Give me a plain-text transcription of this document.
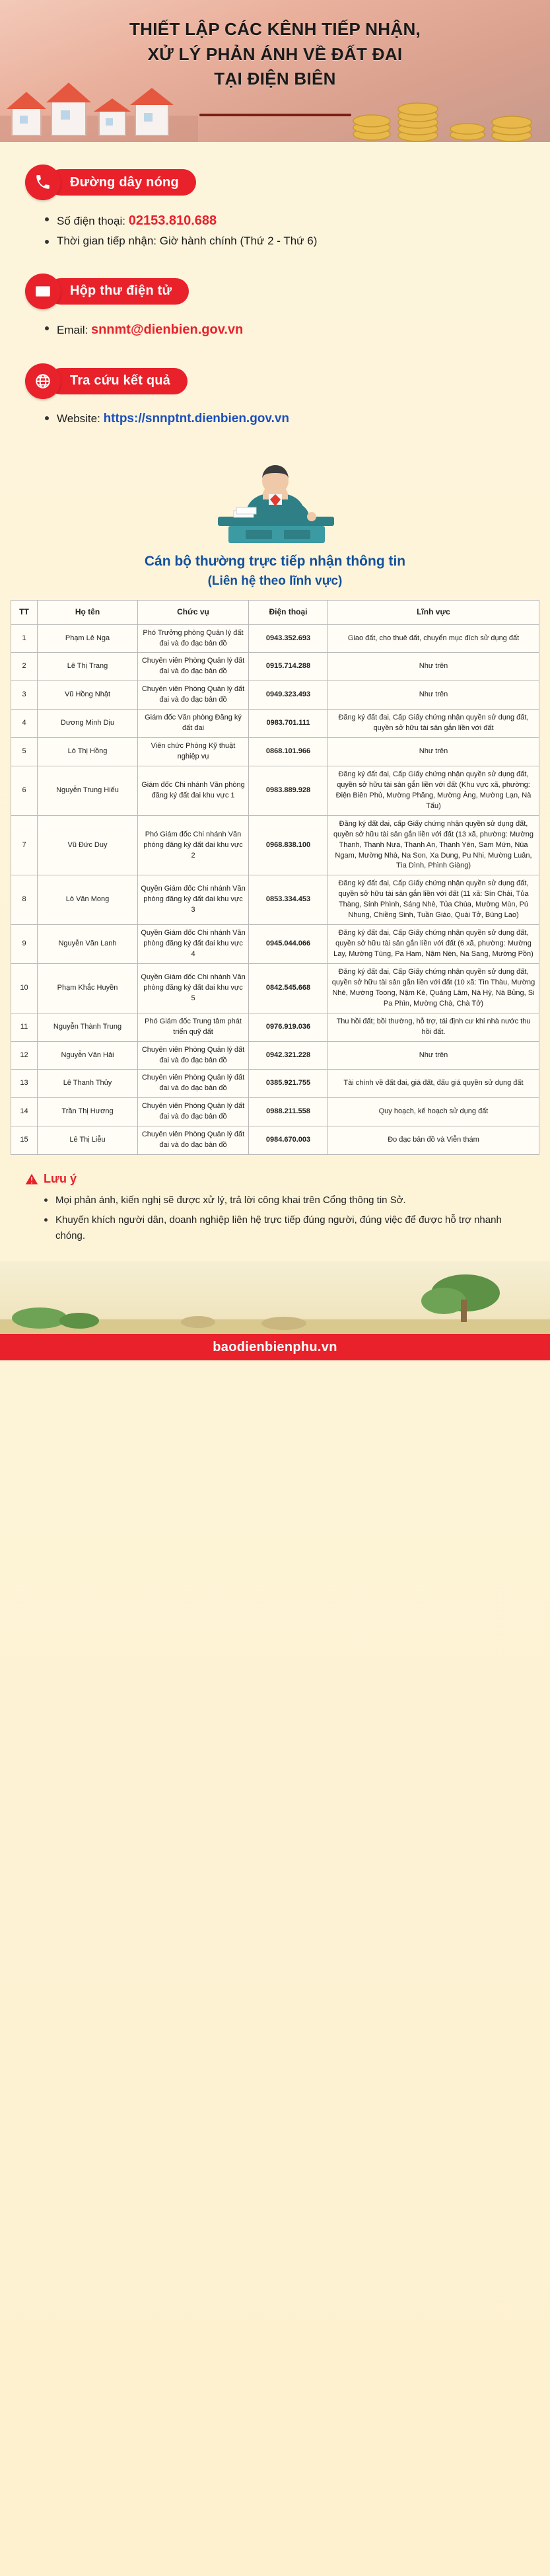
THIẾT LẬP CÁC KÊNH TIẾP NHẬN,
XỬ LÝ PHẢN ÁNH VỀ ĐẤT ĐAI
TẠI ĐIỆN BIÊN
Đường dây nóng
Số điện thoại: 02153.810.688
Thời gian tiếp nhận: Giờ hành chính (Thứ 2 - Thứ 6)
Hộp thư điện tử
Email: snnmt@dienbien.gov.vn
Tra cứu kết quả
Website: https://snnptnt.dienbien.gov.vn
Cán bộ thường trực tiếp nhận thông tin
(Liên hệ theo lĩnh vực)
TT	Họ tên	Chức vụ	Điện thoại	Lĩnh vực
1	Phạm Lê Nga	Phó Trưởng phòng Quản lý đất đai và đo đạc bản đồ	0943.352.693	Giao đất, cho thuê đất, chuyển mục đích sử dụng đất
2	Lê Thị Trang	Chuyên viên Phòng Quản lý đất đai và đo đạc bản đồ	0915.714.288	Như trên
3	Vũ Hồng Nhật	Chuyên viên Phòng Quản lý đất đai và đo đạc bản đồ	0949.323.493	Như trên
4	Dương Minh Dịu	Giám đốc Văn phòng Đăng ký đất đai	0983.701.111	Đăng ký đất đai, Cấp Giấy chứng nhận quyền sử dụng đất, quyền sở hữu tài sản gắn liền với đất
5	Lò Thị Hồng	Viên chức Phòng Kỹ thuật nghiệp vụ	0868.101.966	Như trên
6	Nguyễn Trung Hiếu	Giám đốc Chi nhánh Văn phòng đăng ký đất đai khu vực 1	0983.889.928	Đăng ký đất đai, Cấp Giấy chứng nhận quyền sử dụng đất, quyền sở hữu tài sản gắn liền với đất (Khu vực xã, phường: Điện Biên Phủ, Mường Phăng, Mường Ảng, Mường Lạn, Nà Tấu)
7	Vũ Đức Duy	Phó Giám đốc Chi nhánh Văn phòng đăng ký đất đai khu vực 2	0968.838.100	Đăng ký đất đai, cấp Giấy chứng nhận quyền sử dụng đất, quyền sở hữu tài sản gắn liền với đất (13 xã, phường: Mường Thanh, Thanh Nưa, Thanh An, Thanh Yên, Sam Mứn, Núa Ngam, Mường Nhà, Na Son, Xa Dung, Pu Nhi, Mường Luân, Tìa Dình, Phình Giàng)
8	Lò Văn Mong	Quyền Giám đốc Chi nhánh Văn phòng đăng ký đất đai khu vực 3	0853.334.453	Đăng ký đất đai, Cấp Giấy chứng nhận quyền sử dụng đất, quyền sở hữu tài sản gắn liền với đất (11 xã: Sín Chải, Tủa Thàng, Sính Phình, Sáng Nhè, Tủa Chùa, Mường Mùn, Pú Nhung, Chiềng Sinh, Tuần Giáo, Quài Tở, Búng Lao)
9	Nguyễn Văn Lanh	Quyền Giám đốc Chi nhánh Văn phòng đăng ký đất đai khu vực 4	0945.044.066	Đăng ký đất đai, Cấp Giấy chứng nhận quyền sử dụng đất, quyền sở hữu tài sản gắn liền với đất (6 xã, phường: Mường Lay, Mường Tùng, Pa Ham, Nậm Nèn, Na Sang, Mường Pồn)
10	Phạm Khắc Huyền	Quyền Giám đốc Chi nhánh Văn phòng đăng ký đất đai khu vực 5	0842.545.668	Đăng ký đất đai, Cấp Giấy chứng nhận quyền sử dụng đất, quyền sở hữu tài sản gắn liền với đất (10 xã: Tìn Thàu, Mường Nhé, Mường Toong, Nậm Kè, Quảng Lâm, Nà Hỳ, Nà Bủng, Si Pa Phìn, Mường Chà, Chà Tở)
11	Nguyễn Thành Trung	Phó Giám đốc Trung tâm phát triển quỹ đất	0976.919.036	Thu hồi đất; bồi thường, hỗ trợ, tái định cư khi nhà nước thu hồi đất.
12	Nguyễn Văn Hải	Chuyên viên Phòng Quản lý đất đai và đo đạc bản đồ	0942.321.228	Như trên
13	Lê Thanh Thủy	Chuyên viên Phòng Quản lý đất đai và đo đạc bản đồ	0385.921.755	Tài chính về đất đai, giá đất, đấu giá quyền sử dụng đất
14	Trần Thị Hương	Chuyên viên Phòng Quản lý đất đai và đo đạc bản đồ	0988.211.558	Quy hoạch, kế hoạch sử dụng đất
15	Lê Thị Liễu	Chuyên viên Phòng Quản lý đất đai và đo đạc bản đồ	0984.670.003	Đo đạc bản đồ và Viễn thám
Lưu ý
Mọi phản ánh, kiến nghị sẽ được xử lý, trả lời công khai trên Cổng thông tin Sở.
Khuyến khích người dân, doanh nghiệp liên hệ trực tiếp đúng người, đúng việc để được hỗ trợ nhanh chóng.
baodienbienphu.vn
